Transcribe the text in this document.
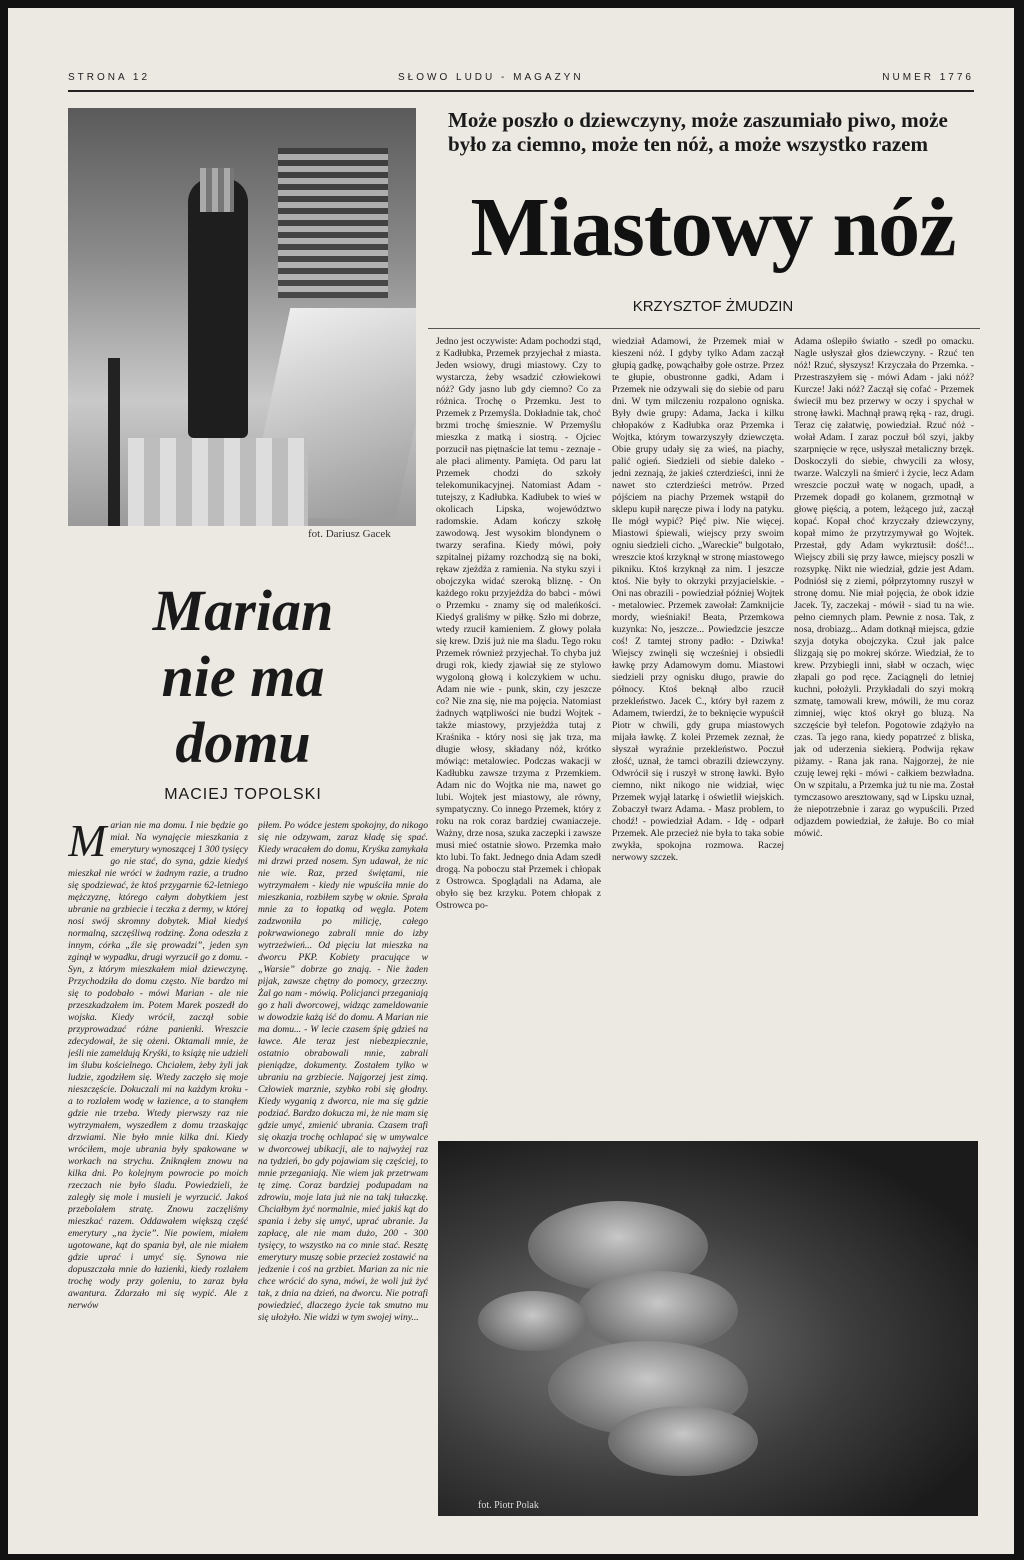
STRONA 12	SŁOWO LUDU - MAGAZYN	NUMER 1776
fot. Dariusz Gacek
Marian
nie ma
domu
MACIEJ TOPOLSKI
M arian nie ma domu. I nie będzie go miał. Na wynajęcie mieszkania z emerytury wynoszącej 1 300 tysięcy go nie stać, do syna, gdzie kiedyś mieszkał nie wróci w żadnym razie, a trudno się spodziewać, że ktoś przygarnie 62-letniego mężczyznę, którego całym dobytkiem jest ubranie na grzbiecie i teczka z dermy, w której nosi swój skromny dobytek. Miał kiedyś normalną, szczęśliwą rodzinę. Żona odeszła z innym, córka „źle się prowadzi”, jeden syn zginął w wypadku, drugi wyrzucił go z domu. - Syn, z którym mieszkałem miał dziewczynę. Przychodziła do domu często. Nie bardzo mi się to podobało - mówi Marian - ale nie przeszkadzałem im. Potem Marek poszedł do wojska. Kiedy wrócił, zaczął sobie przyprowadzać różne panienki. Wreszcie zdecydował, że się ożeni. Oktamali mnie, że jeśli nie zameldują Kryśki, to książę nie udzieli im ślubu kościelnego. Chciałem, żeby żyli jak ludzie, zgodziłem się. Wtedy zaczęło się moje nieszczęście. Dokuczali mi na każdym kroku - a to rozlałem wodę w łazience, a to stanąłem gdzie nie trzeba. Wtedy pierwszy raz nie wytrzymałem, wyszedłem z domu trzaskając drzwiami. Nie było mnie kilka dni. Kiedy wróciłem, moje ubrania były spakowane w workach na strychu. Zniknąłem znowu na kilka dni. Po kolejnym powrocie po moich rzeczach nie było śladu. Powiedzieli, że zaległy się mole i musieli je wyrzucić. Jakoś przebolałem stratę. Znowu zaczęliśmy mieszkać razem. Oddawałem większą część emerytury „na życie”. Nie powiem, miałem ugotowane, kąt do spania był, ale nie miałem gdzie uprać i umyć się. Synowa nie dopuszczała mnie do łazienki, kiedy rozlałem trochę wody przy goleniu, to zaraz była awantura. Zdarzało mi się wypić. Ale z nerwów
piłem. Po wódce jestem spokojny, do nikogo się nie odzywam, zaraz kładę się spać. Kiedy wracałem do domu, Kryśka zamykała mi drzwi przed nosem. Syn udawał, że nic nie wie. Raz, przed świętami, nie wytrzymałem - kiedy nie wpuściła mnie do mieszkania, rozbiłem szybę w oknie. Sprała mnie za to łopatką od węgla. Potem zadzwoniła po milicję, całego pokrwawionego zabrali mnie do izby wytrzeźwień... Od pięciu lat mieszka na dworcu PKP. Kobiety pracujące w „Warsie” dobrze go znają. - Nie żaden pijak, zawsze chętny do pomocy, grzeczny. Żal go nam - mówią. Policjanci przeganiają go z hali dworcowej, widząc zameldowanie w dowodzie każą iść do domu. A Marian nie ma domu... - W lecie czasem śpię gdzieś na ławce. Ale teraz jest niebezpiecznie, ostatnio obrabowali mnie, zabrali pieniądze, dokumenty. Zostałem tylko w ubraniu na grzbiecie. Najgorzej jest zimą. Człowiek marznie, szybko robi się głodny. Kiedy wyganią z dworca, nie ma się gdzie podziać. Bardzo dokucza mi, że nie mam się gdzie umyć, zmienić ubrania. Czasem trafi się okazja trochę ochlapać się w umywalce w dworcowej ubikacji, ale to najwyżej raz na tydzień, bo gdy pojawiam się częściej, to mnie przeganiają. Nie wiem jak przetrwam tę zimę. Coraz bardziej podupadam na zdrowiu, moje lata już nie na takį tułaczkę. Chciałbym żyć normalnie, mieć jakiś kąt do spania i żeby się umyć, uprać ubranie. Ja zapłacę, ale nie mam dużo, 200 - 300 tysięcy, to wszystko na co mnie stać. Resztę emerytury muszę sobie przecież zostawić na jedzenie i coś na grzbiet. Marian za nic nie chce wrócić do syna, mówi, że woli już żyć tak, z dnia na dzień, na dworcu. Nie potrafi powiedzieć, dlaczego życie tak smutno mu się ułożyło. Nie widzi w tym swojej winy...
Może poszło o dziewczyny, może zaszumiało piwo, może było za ciemno, może ten nóż, a może wszystko razem
Miastowy nóż
KRZYSZTOF ŻMUDZIN
Jedno jest oczywiste: Adam pochodzi stąd, z Kadłubka, Przemek przyjechał z miasta. Jeden wsiowy, drugi miastowy. Czy to wystarcza, żeby wsadzić człowiekowi nóż? Gdy jasno lub gdy ciemno? Co za różnica. Trochę o Przemku. Jest to Przemek z Przemyśla. Dokładnie tak, choć brzmi trochę śmiesznie. W Przemyślu mieszka z matką i siostrą. - Ojciec porzucił nas piętnaście lat temu - zeznaje - ale płaci alimenty. Pamięta. Od paru lat Przemek chodzi do szkoły telekomunikacyjnej. Natomiast Adam - tutejszy, z Kadłubka. Kadłubek to wieś w okolicach Lipska, województwo radomskie. Adam kończy szkołę zawodową. Jest wysokim blondynem o twarzy serafina. Kiedy mówi, poły szpitalnej piżamy rozchodzą się na boki, rękaw zjeżdża z ramienia. Na styku szyi i obojczyka widać szeroką bliznę. - On każdego roku przyjeżdża do babci - mówi o Przemku - znamy się od maleńkości. Kiedyś graliśmy w piłkę. Szło mi dobrze, wtedy rzucił kamieniem. Z głowy polała się krew. Dziś już nie ma śladu. Tego roku Przemek również przyjechał. To chyba już drugi rok, kiedy zjawiał się ze stylowo wygoloną głową i kolczykiem w uchu. Adam nie wie - punk, skin, czy jeszcze co? Nie zna się, nie ma pojęcia. Natomiast żadnych wątpliwości nie budzi Wojtek - także miastowy, przyjeżdża tutaj z Kraśnika - który nosi się jak trza, ma długie włosy, składany nóż, krótko mówiąc: metalowiec. Podczas wakacji w Kadłubku zawsze trzyma z Przemkiem. Adam nic do Wojtka nie ma, nawet go lubi. Wojtek jest miastowy, ale równy, sympatyczny. Co innego Przemek, który z roku na rok coraz bardziej cwaniaczeje. Ważny, drze nosa, szuka zaczepki i zawsze musi mieć ostatnie słowo. Przemka mało kto lubi. To fakt. Jednego dnia Adam szedł drogą. Na poboczu stał Przemek i chłopak z Ostrowca. Spoglądali na Adama, ale obyło się bez krzyku. Potem chłopak z Ostrowca po-
wiedział Adamowi, że Przemek miał w kieszeni nóż. I gdyby tylko Adam zaczął głupią gadkę, powąchałby gołe ostrze. Przez te głupie, obustronne gadki, Adam i Przemek nie odzywali się do siebie od paru dni. W tym milczeniu rozpalono ogniska. Były dwie grupy: Adama, Jacka i kilku chłopaków z Kadłubka oraz Przemka i Wojtka, którym towarzyszyły dziewczęta. Obie grupy udały się za wieś, na piachy, palić ogień. Siedzieli od siebie daleko - jedni zeznają, że jakieś czterdzieści, inni że nawet sto czterdzieści metrów. Przed pójściem na piachy Przemek wstąpił do sklepu kupił naręcze piwa i lody na patyku. Ile mógł wypić? Pięć piw. Nie więcej. Miastowi śpiewali, wiejscy przy swoim ogniu siedzieli cicho. „Wareckie” bulgotało, wreszcie ktoś krzyknął w stronę miastowego pikniku. Ktoś krzyknął za nim. I jeszcze ktoś. Nie były to okrzyki przyjacielskie. - Oni nas obrazili - powiedział później Wojtek - metalowiec. Przemek zawołał: Zamknijcie mordy, wieśniaki! Beata, Przemkowa kuzynka: No, jeszcze... Powiedzcie jeszcze coś! Z tamtej strony padło: - Dziwka! Wiejscy zwinęli się wcześniej i obsiedli ławkę przy Adamowym domu. Miastowi siedzieli przy ognisku długo, prawie do północy. Ktoś beknął albo rzucił przekleństwo. Jacek C., który był razem z Adamem, twierdzi, że to beknięcie wypuścił Piotr w chwili, gdy grupa miastowych mijała ławkę. Z kolei Przemek zeznał, że słyszał wyraźnie przekleństwo. Poczuł złość, uznał, że tamci obrazili dziewczyny. Odwrócił się i ruszył w stronę ławki. Było ciemno, nikt nikogo nie widział, więc Przemek wyjął latarkę i oświetlił wiejskich. Zobaczył twarz Adama. - Masz problem, to chodź! - powiedział Adam. - Idę - odparł Przemek. Ale przecież nie była to taka sobie zwykła, spokojna rozmowa. Raczej nerwowy szczek.
Adama oślepiło światło - szedł po omacku. Nagle usłyszał głos dziewczyny. - Rzuć ten nóż! Rzuć, słyszysz! Krzyczała do Przemka. - Przestraszyłem się - mówi Adam - jaki nóż? Kurcze! Jaki nóż? Zaczął się cofać - Przemek świecił mu bez przerwy w oczy i spychał w stronę ławki. Machnął prawą ręką - raz, drugi. Teraz cię załatwię, powiedział. Rzuć nóż - wołał Adam. I zaraz poczuł ból szyi, jakby szarpnięcie w ręce, usłyszał metaliczny brzęk. Doskoczyli do siebie, chwycili za włosy, twarze. Walczyli na śmierć i życie, lecz Adam wreszcie poczuł watę w nogach, upadł, a Przemek dopadł go kolanem, grzmotnął w głowę pięścią, a potem, leżącego już, zaczął kopać. Kopał choć krzyczały dziewczyny, kopał mimo że przytrzymywał go Wojtek. Przestał, gdy Adam wykrztusił: dość!... Wiejscy zbili się przy ławce, miejscy poszli w rozsypkę. Nikt nie wiedział, gdzie jest Adam. Podniósł się z ziemi, półprzytomny ruszył w stronę domu. Nie miał pojęcia, że obok idzie Jacek. Ty, zaczekaj - mówił - siad tu na wie. pełno ciemnych plam. Pewnie z nosa. Tak, z nosa, drobiazg... Adam dotknął miejsca, gdzie szyja dotyka obojczyka. Czuł jak palce ślizgają się po mokrej skórze. Wiedział, że to krew. Przybiegli inni, słabł w oczach, więc złapali go pod ręce. Zaciągnęli do letniej kuchni, położyli. Przykładali do szyi mokrą szmatę, tamowali krew, mówili, że mu coraz zimniej, więc ktoś okrył go bluzą. Na szczęście był telefon. Pogotowie zdążyło na czas. Ta jego rana, kiedy popatrzeć z bliska, jak od uderzenia siekierą. Podwija rękaw piżamy. - Rana jak rana. Najgorzej, że nie czuję lewej ręki - mówi - całkiem bezwładna. On w szpitalu, a Przemka już tu nie ma. Został tymczasowo aresztowany, sąd w Lipsku uznał, że niepotrzebnie i zaraz go wypuścili. Przed odjazdem powiedział, że żałuje. Bo co miał mówić.
fot. Piotr Polak
